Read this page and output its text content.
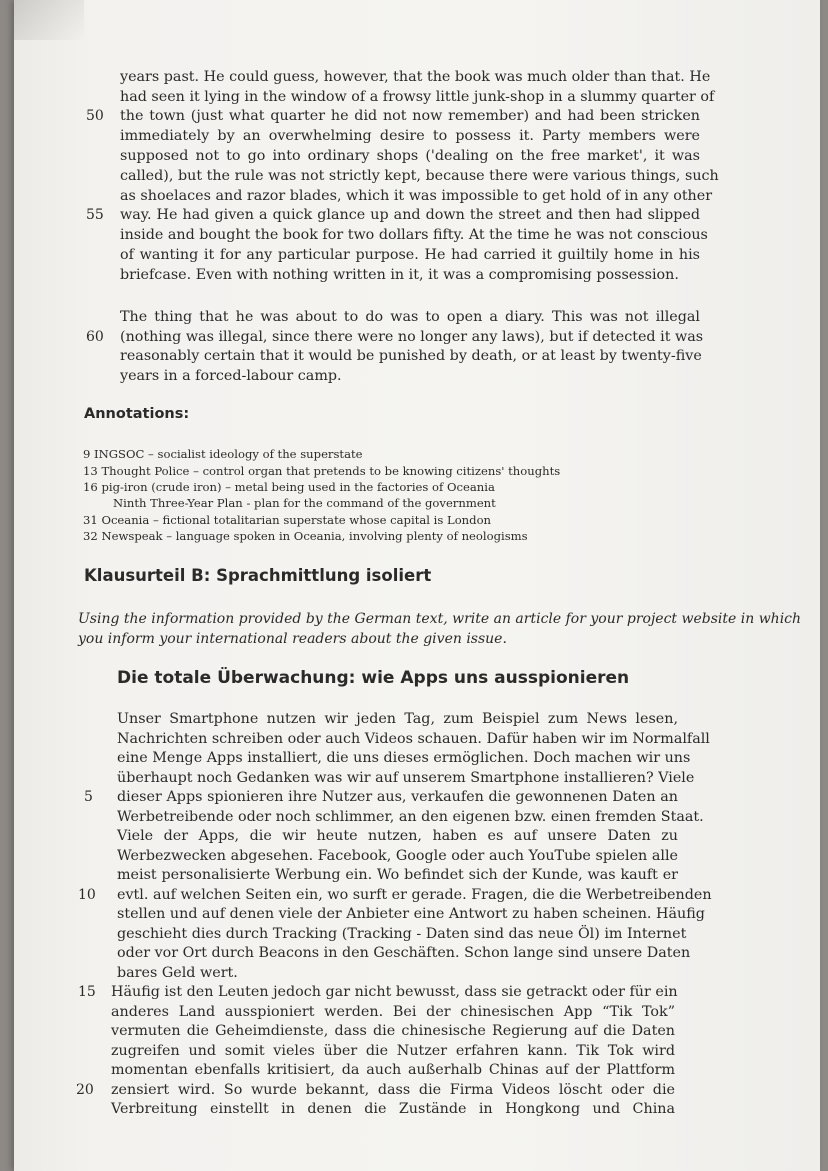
years past. He could guess, however, that the book was much older than that. He
had seen it lying in the window of a frowsy little junk-shop in a slummy quarter of
the town (just what quarter he did not now remember) and had been stricken
immediately by an overwhelming desire to possess it. Party members were
supposed not to go into ordinary shops ('dealing on the free market', it was
called), but the rule was not strictly kept, because there were various things, such
as shoelaces and razor blades, which it was impossible to get hold of in any other
way. He had given a quick glance up and down the street and then had slipped
inside and bought the book for two dollars fifty. At the time he was not conscious
of wanting it for any particular purpose. He had carried it guiltily home in his
briefcase. Even with nothing written in it, it was a compromising possession.
The thing that he was about to do was to open a diary. This was not illegal
(nothing was illegal, since there were no longer any laws), but if detected it was
reasonably certain that it would be punished by death, or at least by twenty-five
years in a forced-labour camp.
50
55
60
Annotations:
9 INGSOC – socialist ideology of the superstate
13 Thought Police – control organ that pretends to be knowing citizens' thoughts
16 pig-iron (crude iron) – metal being used in the factories of Oceania
Ninth Three-Year Plan - plan for the command of the government
31 Oceania – fictional totalitarian superstate whose capital is London
32 Newspeak – language spoken in Oceania, involving plenty of neologisms
Klausurteil B: Sprachmittlung isoliert
Using the information provided by the German text, write an article for your project website in which
you inform your international readers about the given issue.
Die totale Überwachung: wie Apps uns ausspionieren
Unser Smartphone nutzen wir jeden Tag, zum Beispiel zum News lesen,
Nachrichten schreiben oder auch Videos schauen. Dafür haben wir im Normalfall
eine Menge Apps installiert, die uns dieses ermöglichen. Doch machen wir uns
überhaupt noch Gedanken was wir auf unserem Smartphone installieren? Viele
dieser Apps spionieren ihre Nutzer aus, verkaufen die gewonnenen Daten an
Werbetreibende oder noch schlimmer, an den eigenen bzw. einen fremden Staat.
Viele der Apps, die wir heute nutzen, haben es auf unsere Daten zu
Werbezwecken abgesehen. Facebook, Google oder auch YouTube spielen alle
meist personalisierte Werbung ein. Wo befindet sich der Kunde, was kauft er
evtl. auf welchen Seiten ein, wo surft er gerade. Fragen, die die Werbetreibenden
stellen und auf denen viele der Anbieter eine Antwort zu haben scheinen. Häufig
geschieht dies durch Tracking (Tracking - Daten sind das neue Öl) im Internet
oder vor Ort durch Beacons in den Geschäften. Schon lange sind unsere Daten
bares Geld wert.
Häufig ist den Leuten jedoch gar nicht bewusst, dass sie getrackt oder für ein
anderes Land ausspioniert werden. Bei der chinesischen App “Tik Tok”
vermuten die Geheimdienste, dass die chinesische Regierung auf die Daten
zugreifen und somit vieles über die Nutzer erfahren kann. Tik Tok wird
momentan ebenfalls kritisiert, da auch außerhalb Chinas auf der Plattform
zensiert wird. So wurde bekannt, dass die Firma Videos löscht oder die
Verbreitung einstellt in denen die Zustände in Hongkong und China
5
10
15
20
